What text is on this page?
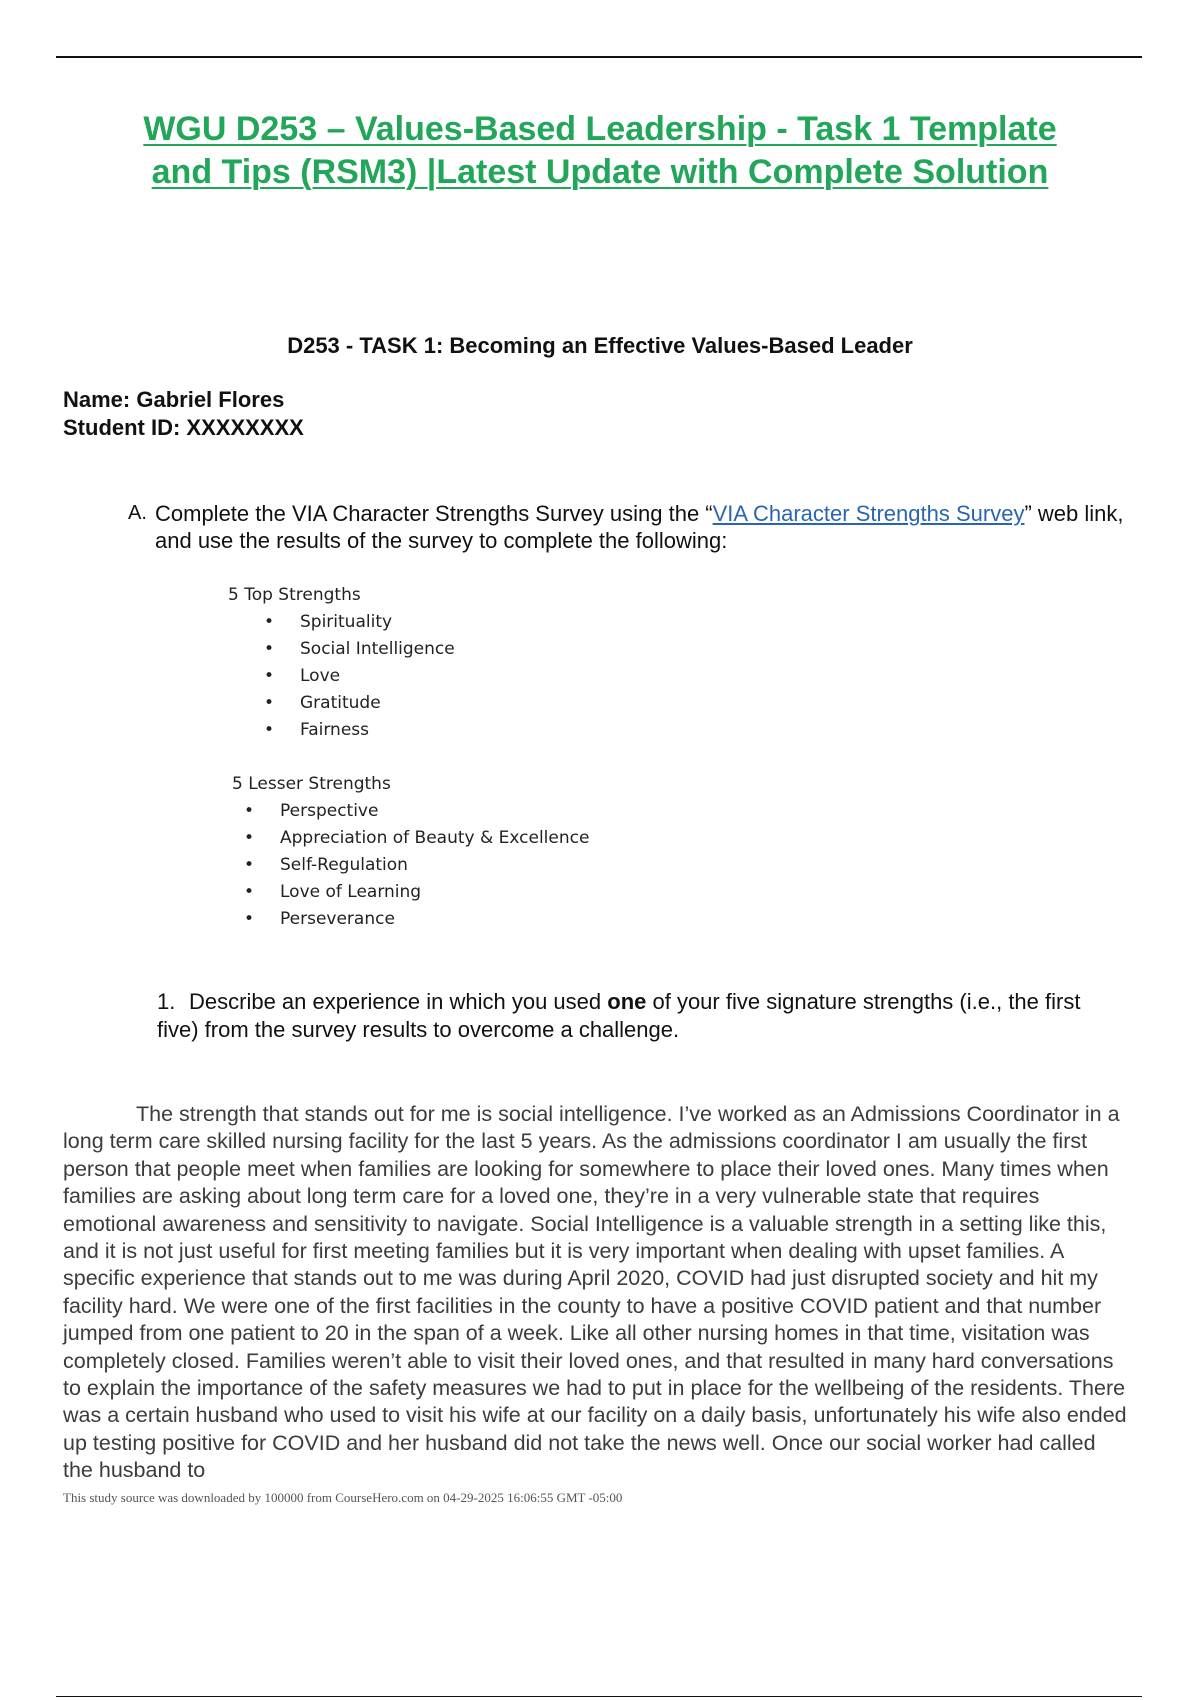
WGU D253 – Values-Based Leadership - Task 1 Template
and Tips (RSM3) |Latest Update with Complete Solution
D253 - TASK 1: Becoming an Effective Values-Based Leader
Name: Gabriel Flores
Student ID: XXXXXXXX
A. Complete the VIA Character Strengths Survey using the “VIA Character Strengths Survey” web link, and use the results of the survey to complete the following:
5 Top Strengths
• Spirituality
• Social Intelligence
• Love
• Gratitude
• Fairness
5 Lesser Strengths
• Perspective
• Appreciation of Beauty & Excellence
• Self-Regulation
• Love of Learning
• Perseverance
1. Describe an experience in which you used one of your five signature strengths (i.e., the first five) from the survey results to overcome a challenge.

The strength that stands out for me is social intelligence. I’ve worked as an Admissions Coordinator in a long term care skilled nursing facility for the last 5 years. As the admissions coordinator I am usually the first person that people meet when families are looking for somewhere to place their loved ones. Many times when families are asking about long term care for a loved one, they’re in a very vulnerable state that requires emotional awareness and sensitivity to navigate. Social Intelligence is a valuable strength in a setting like this, and it is not just useful for first meeting families but it is very important when dealing with upset families. A specific experience that stands out to me was during April 2020, COVID had just disrupted society and hit my facility hard. We were one of the first facilities in the county to have a positive COVID patient and that number jumped from one patient to 20 in the span of a week. Like all other nursing homes in that time, visitation was completely closed. Families weren’t able to visit their loved ones, and that resulted in many hard conversations to explain the importance of the safety measures we had to put in place for the wellbeing of the residents. There was a certain husband who used to visit his wife at our facility on a daily basis, unfortunately his wife also ended up testing positive for COVID and her husband did not take the news well. Once our social worker had called the husband to

This study source was downloaded by 100000 from CourseHero.com on 04-29-2025 16:06:55 GMT -05:00
